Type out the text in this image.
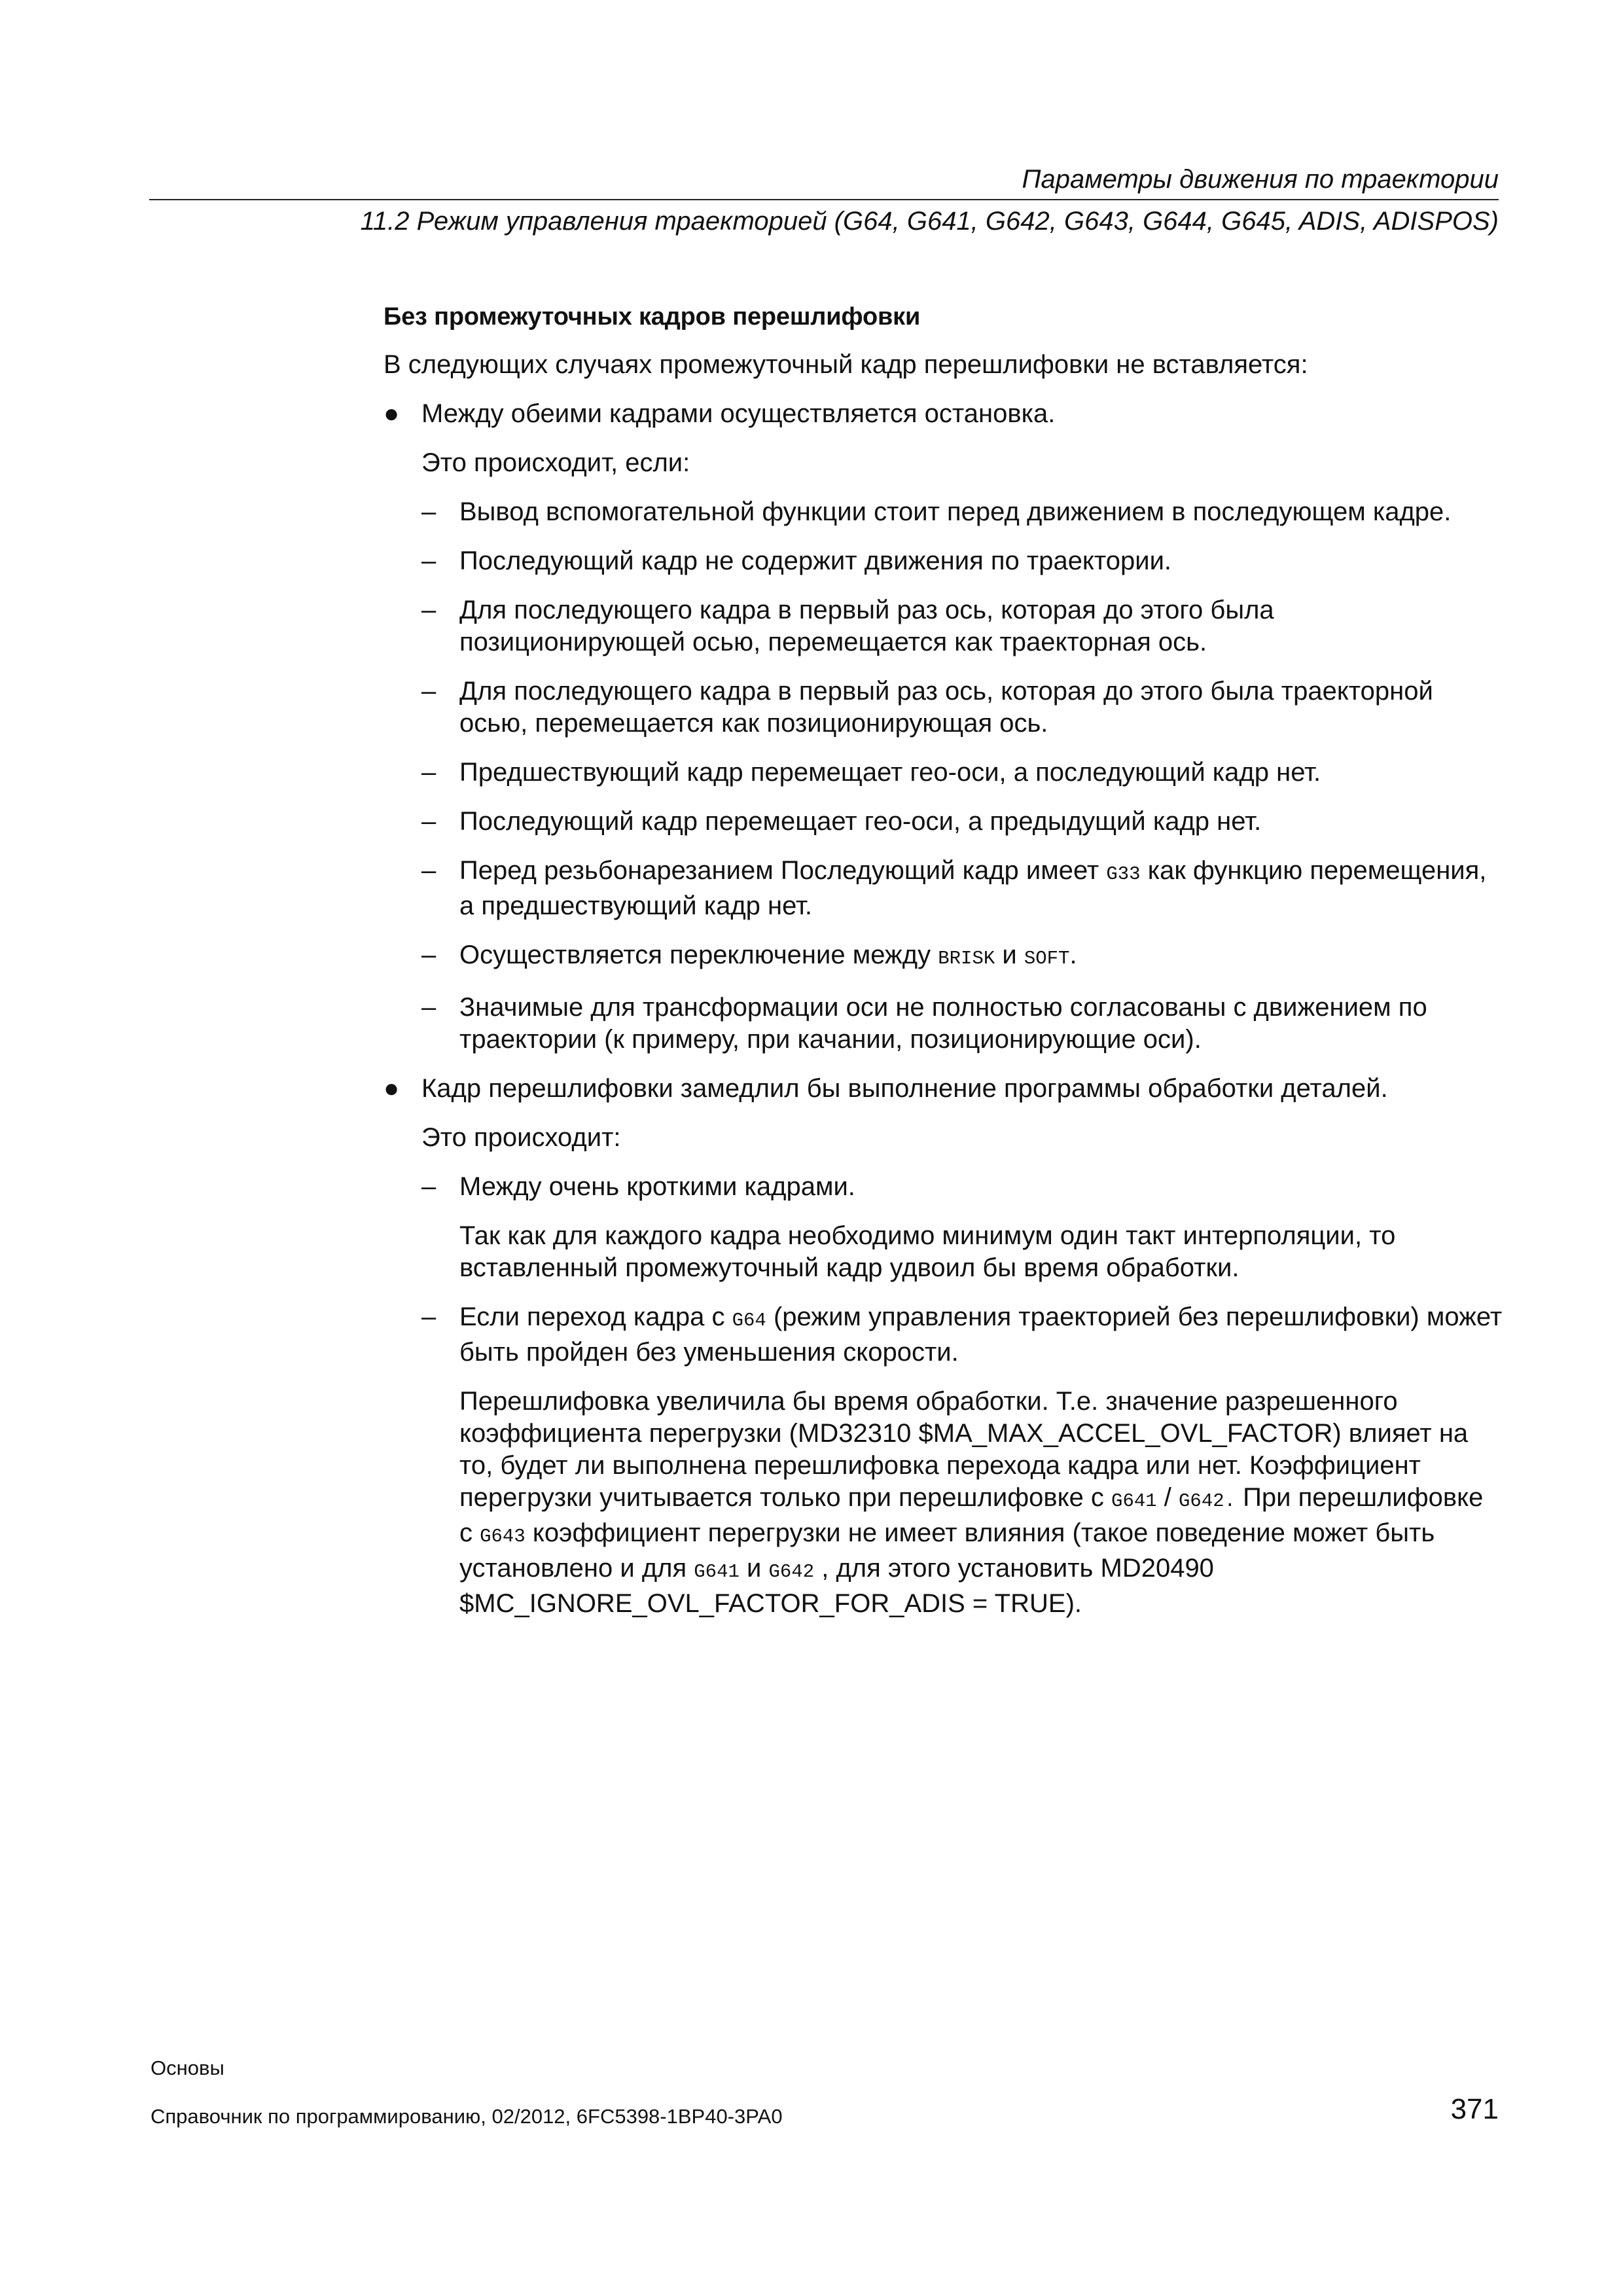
Параметры движения по траектории
11.2 Режим управления траекторией (G64, G641, G642, G643, G644, G645, ADIS, ADISPOS)

Без промежуточных кадров перешлифовки

В следующих случаях промежуточный кадр перешлифовки не вставляется:

● Между обеими кадрами осуществляется остановка.

Это происходит, если:

– Вывод вспомогательной функции стоит перед движением в последующем кадре.
– Последующий кадр не содержит движения по траектории.
– Для последующего кадра в первый раз ось, которая до этого была позиционирующей осью, перемещается как траекторная ось.
– Для последующего кадра в первый раз ось, которая до этого была траекторной осью, перемещается как позиционирующая ось.
– Предшествующий кадр перемещает гео-оси, а последующий кадр нет.
– Последующий кадр перемещает гео-оси, а предыдущий кадр нет.
– Перед резьбонарезанием Последующий кадр имеет G33 как функцию перемещения, а предшествующий кадр нет.
– Осуществляется переключение между BRISK и SOFT.
– Значимые для трансформации оси не полностью согласованы с движением по траектории (к примеру, при качании, позиционирующие оси).
● Кадр перешлифовки замедлил бы выполнение программы обработки деталей.

Это происходит:

– Между очень кроткими кадрами.

Так как для каждого кадра необходимо минимум один такт интерполяции, то вставленный промежуточный кадр удвоил бы время обработки.

– Если переход кадра с G64 (режим управления траекторией без перешлифовки) может быть пройден без уменьшения скорости.

Перешлифовка увеличила бы время обработки. Т.е. значение разрешенного коэффициента перегрузки (MD32310 $MA_MAX_ACCEL_OVL_FACTOR) влияет на то, будет ли выполнена перешлифовка перехода кадра или нет. Коэффициент перегрузки учитывается только при перешлифовке с G641 / G642. При перешлифовке с G643 коэффициент перегрузки не имеет влияния (такое поведение может быть установлено и для G641 и G642 , для этого установить MD20490 $MC_IGNORE_OVL_FACTOR_FOR_ADIS = TRUE).

Основы
Справочник по программированию, 02/2012, 6FC5398-1BP40-3PA0	371
